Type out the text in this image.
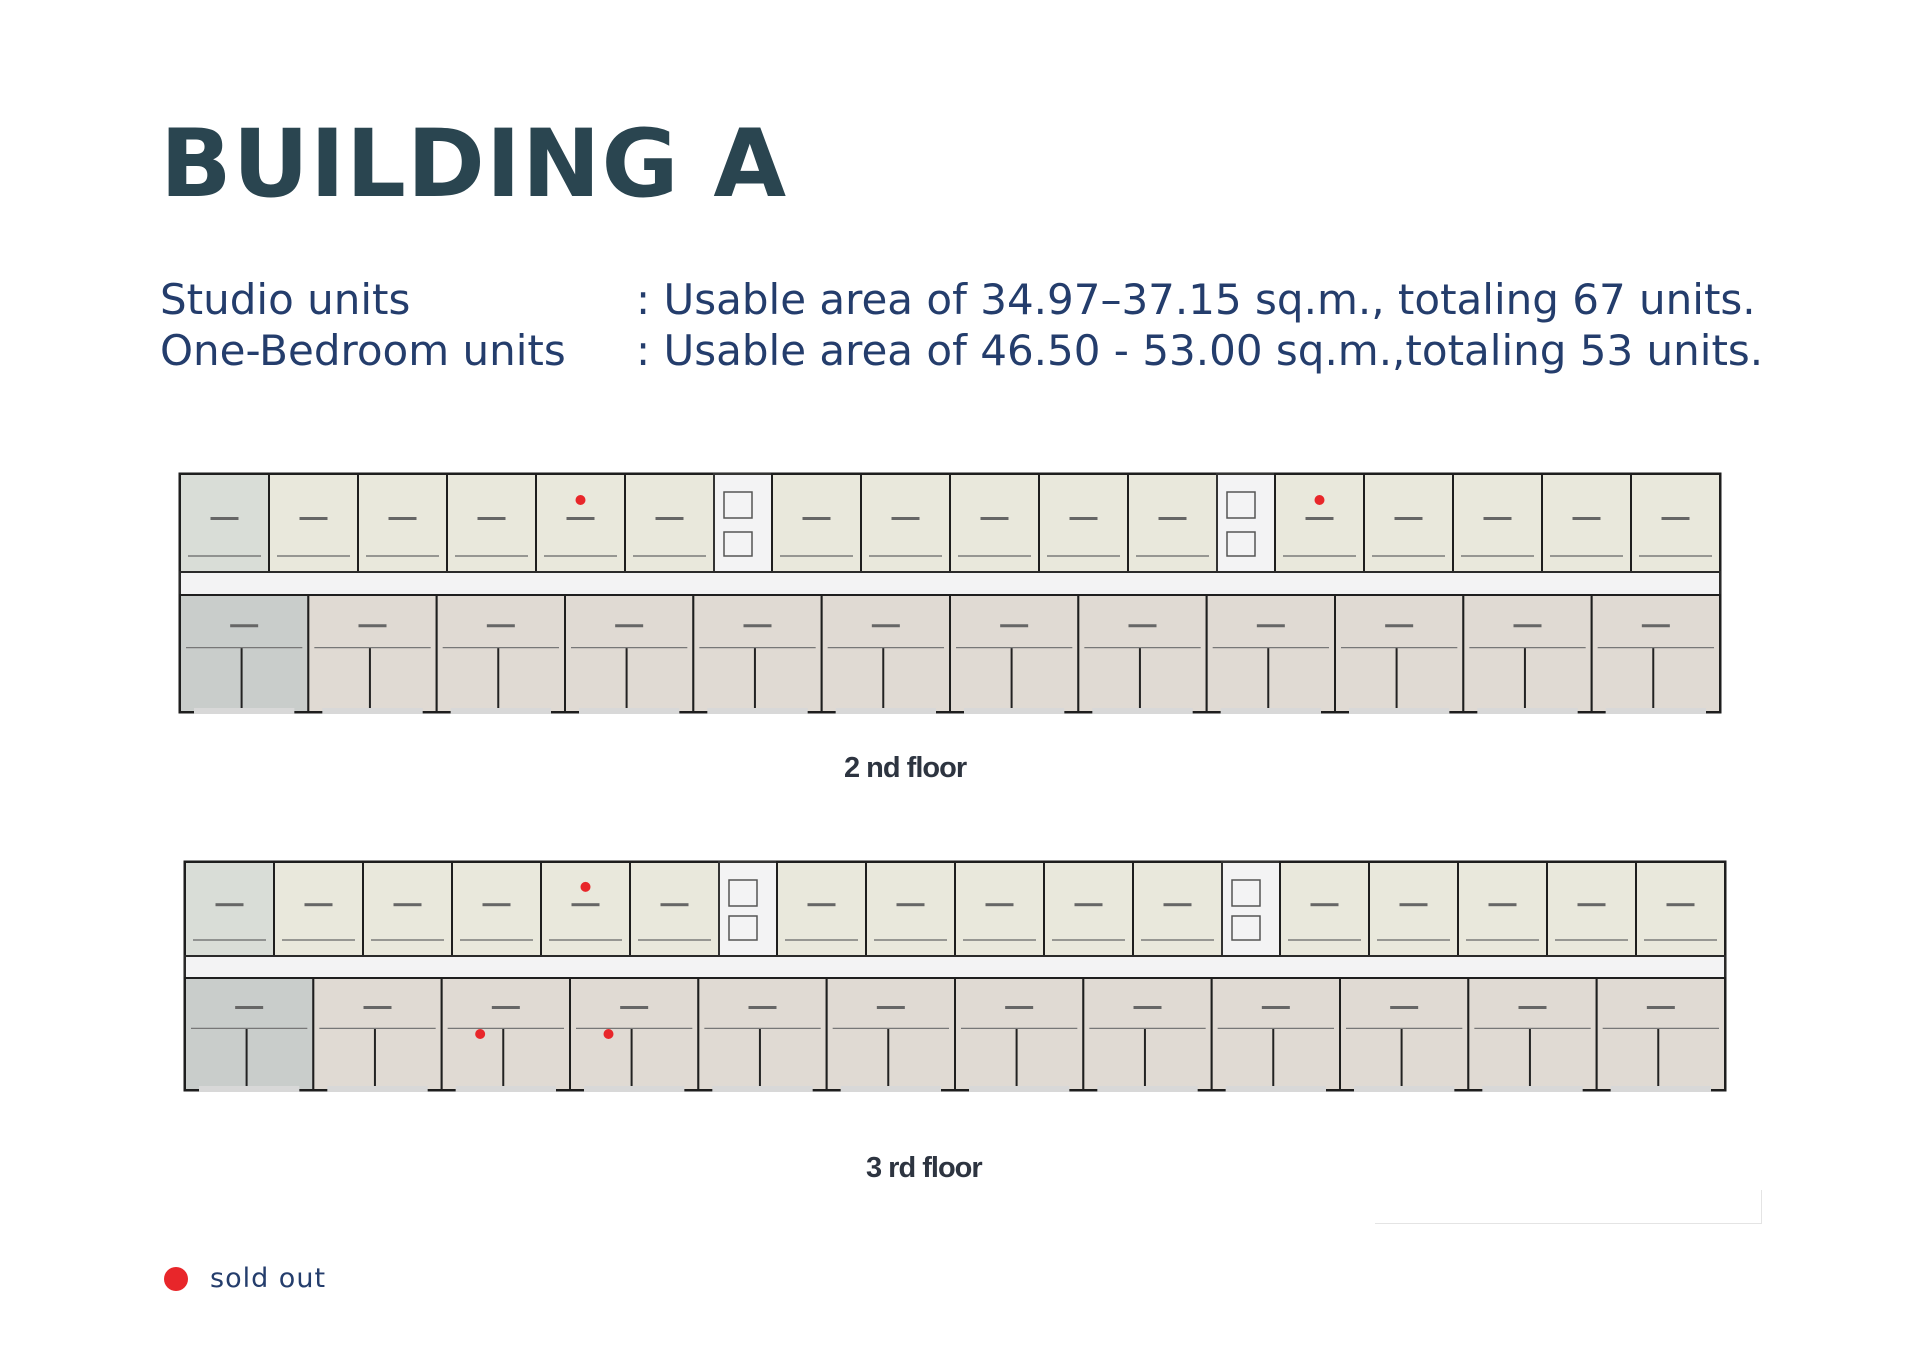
BUILDING A
Studio units	: Usable area of 34.97–37.15 sq.m., totaling 67 units.
One-Bedroom units	: Usable area of 46.50 - 53.00 sq.m.,totaling 53 units.
2 nd floor
3 rd floor
sold out
